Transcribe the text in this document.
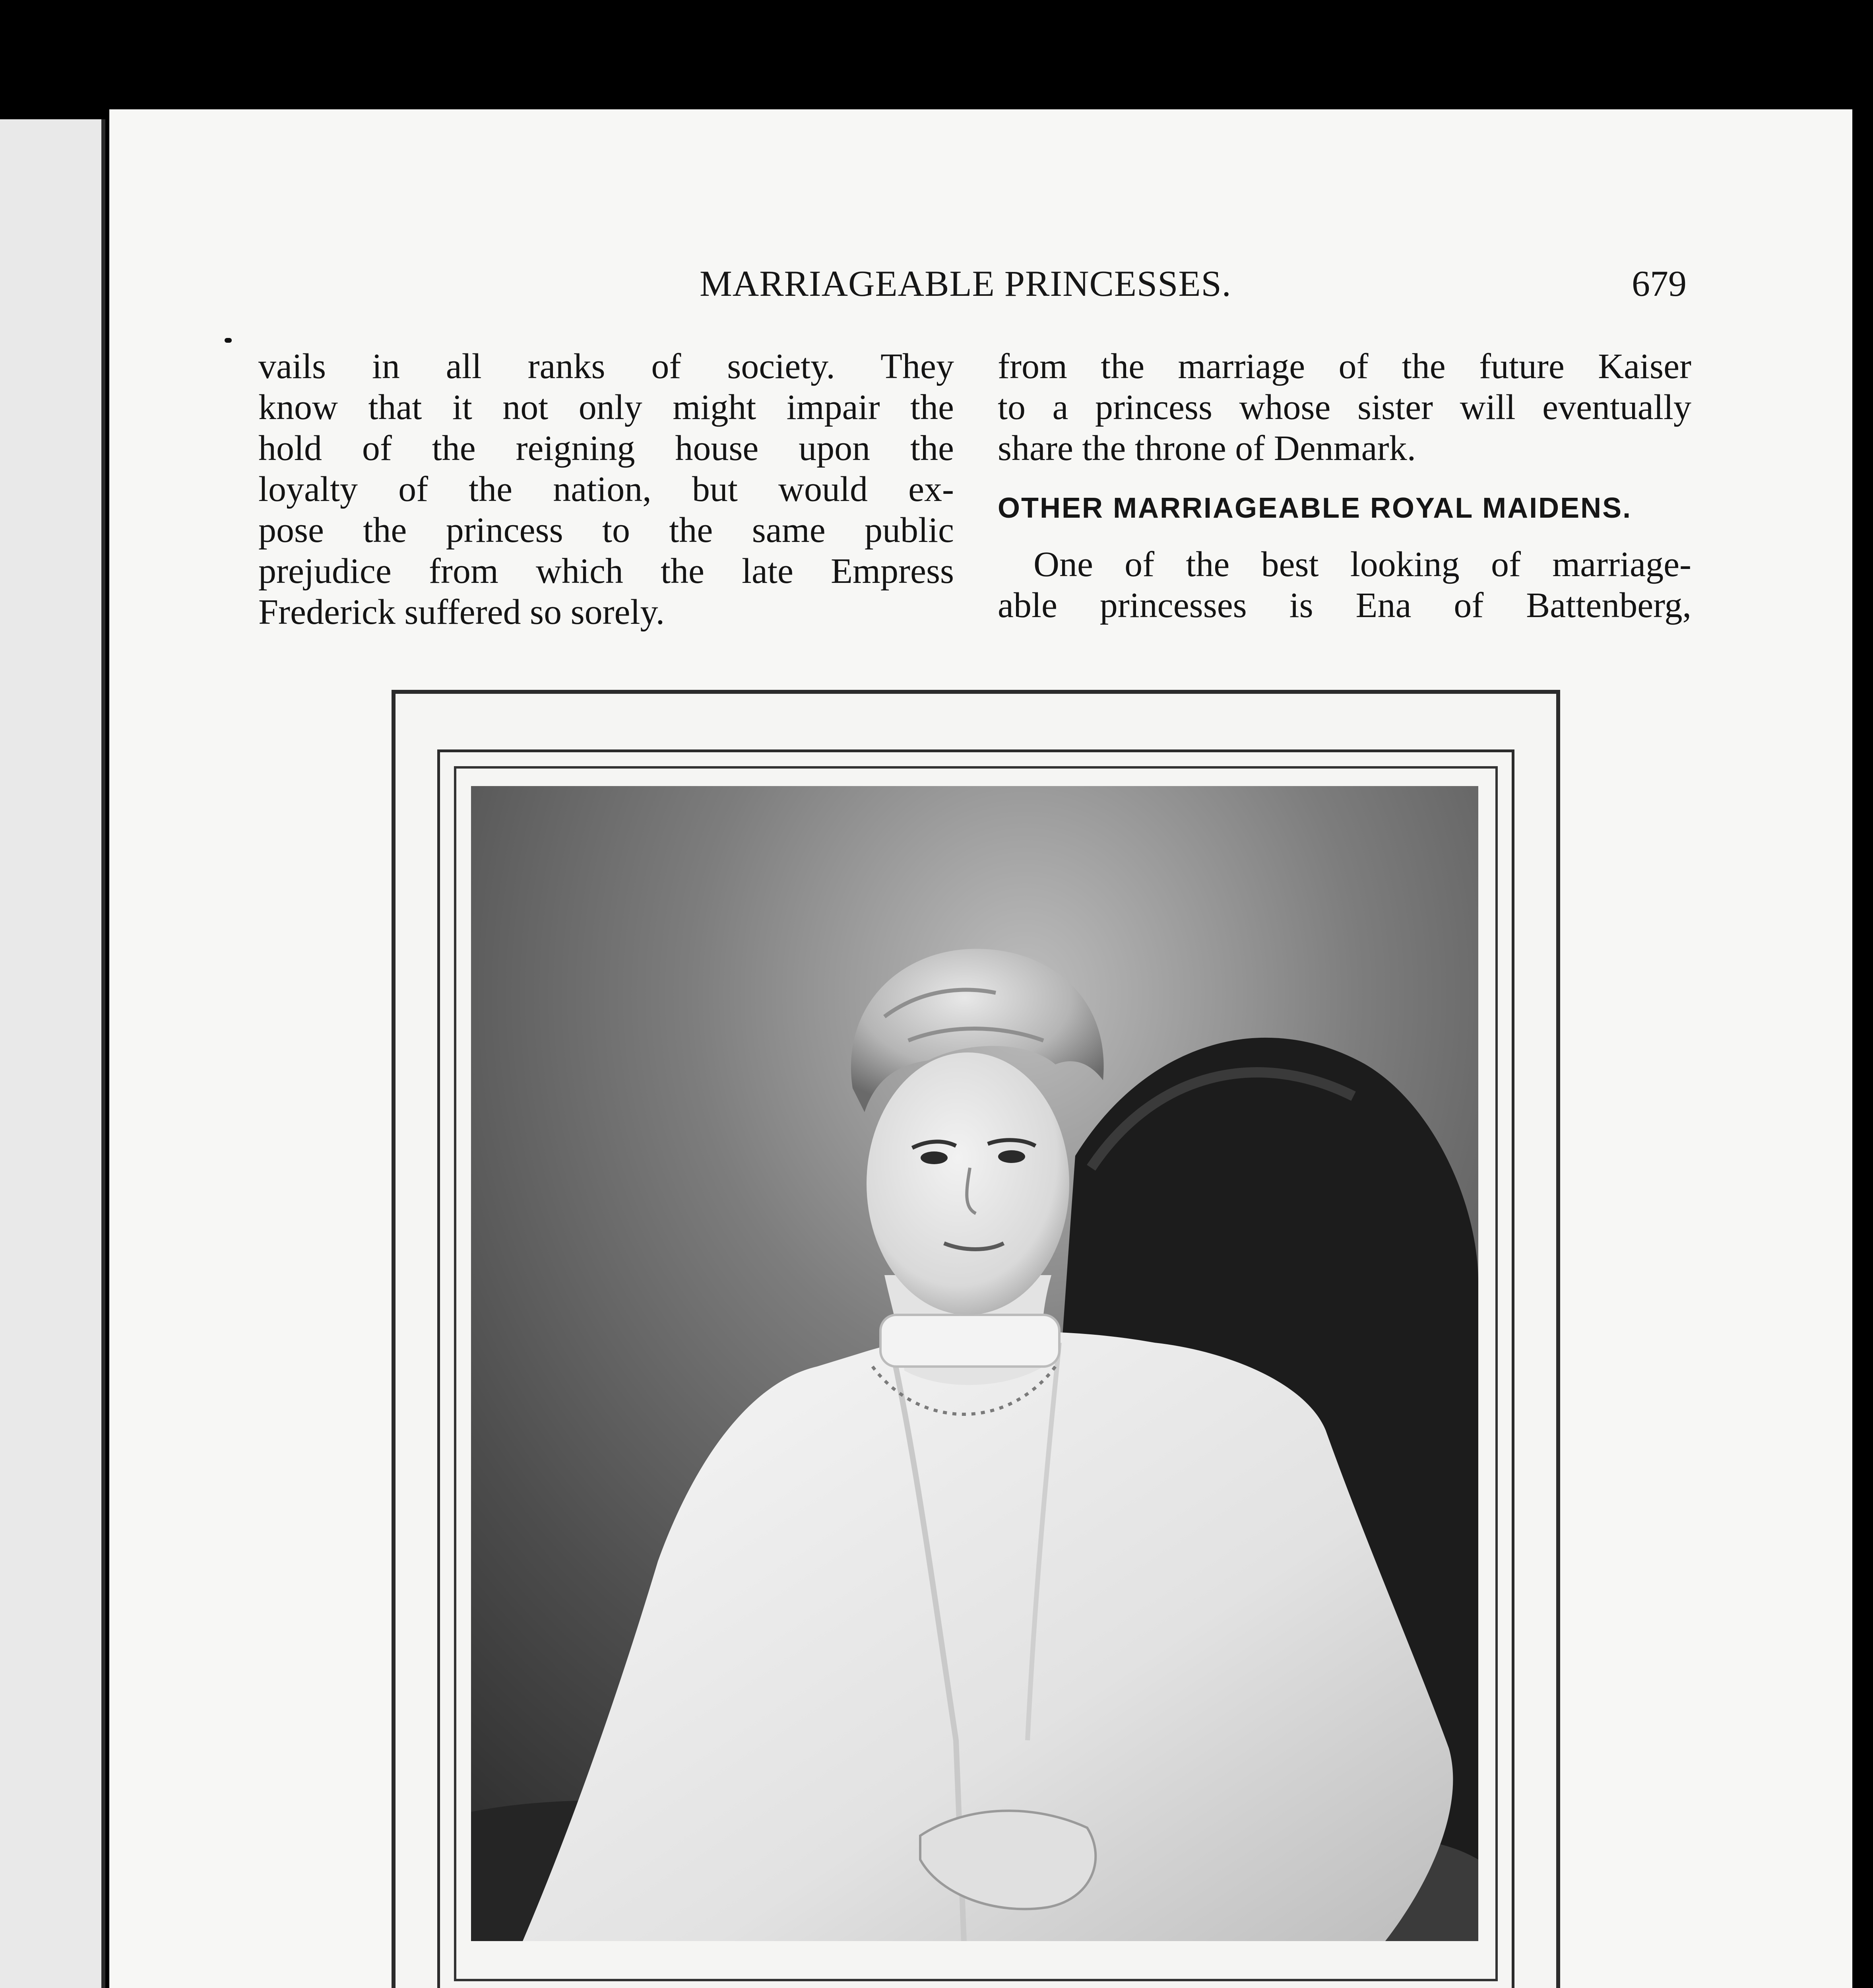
MARRIAGEABLE PRINCESSES.	679

vails in all ranks of society. They

know that it not only might impair the

hold of the reigning house upon the

loyalty of the nation, but would ex-

pose the princess to the same public

prejudice from which the late Empress

Frederick suffered so sorely.

from the marriage of the future Kaiser

to a princess whose sister will eventually

share the throne of Denmark.

OTHER MARRIAGEABLE ROYAL MAIDENS.

One of the best looking of marriage-

able princesses is Ena of Battenberg,
